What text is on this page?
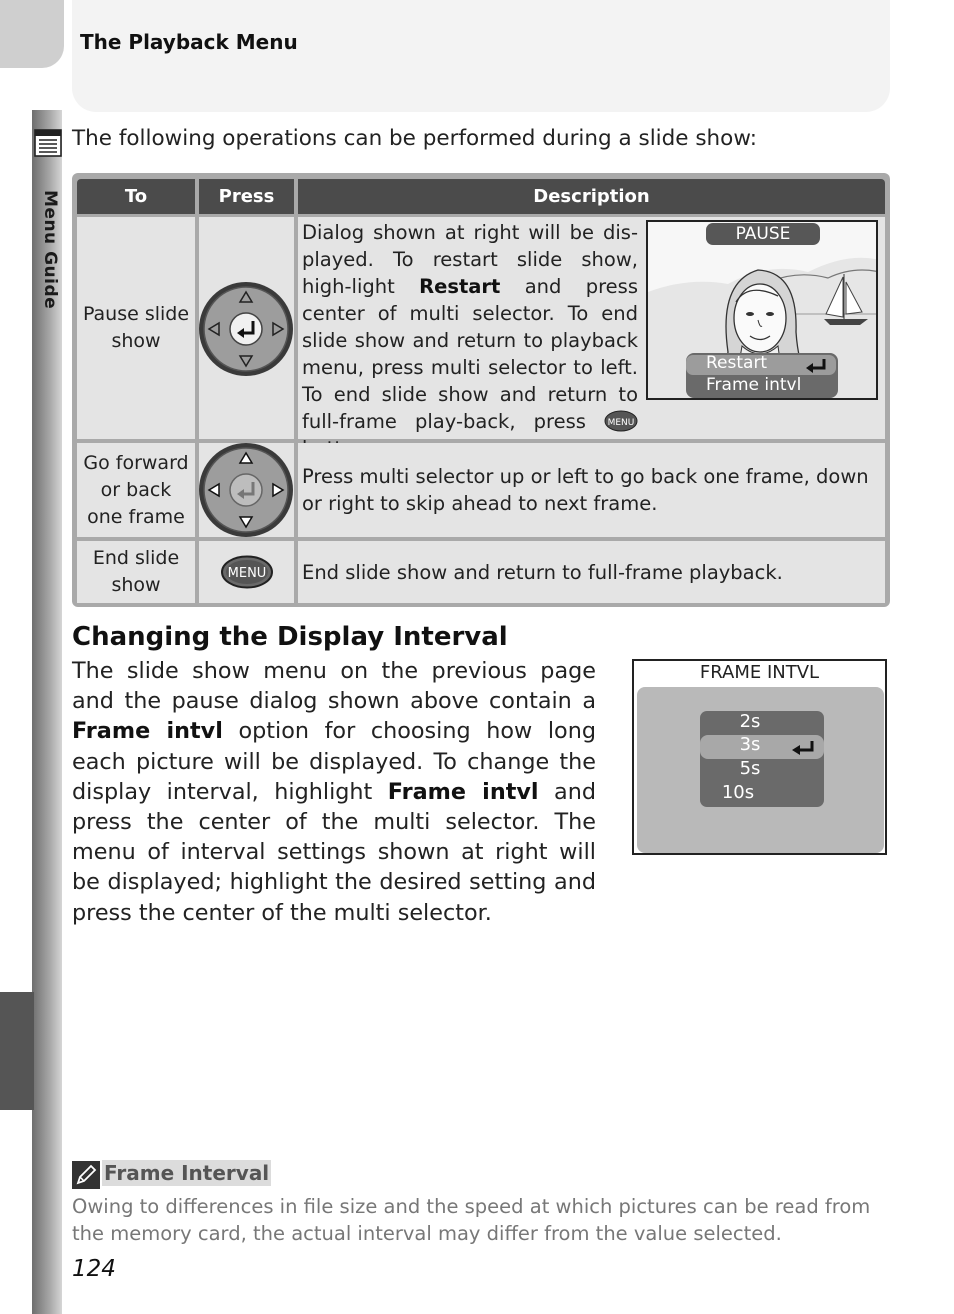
Menu Guide
The Playback Menu
The following operations can be performed during a slide show:
To	Press	Description
Pause slide show
Dialog shown at right will be dis-played. To restart slide show, high-light Restart and press center of multi selector. To end slide show and return to playback menu, press multi selector to left. To end slide show and return to full-frame play-back, press MENU
Go forward or back one frame
Press multi selector up or left to go back one frame, down or right to skip ahead to next frame.
End slide show
MENU End slide show and return to full-frame playback.
PAUSE
Restart
Frame intvl
Changing the Display Interval
The slide show menu on the previous page and the pause dialog shown above contain a Frame intvl option for choosing how long each picture will be displayed. To change the display interval, highlight Frame intvl and press the center of the multi selector. The menu of interval settings shown at right will be displayed; highlight the desired setting and press the center of the multi selector.
FRAME INTVL
2s
3s
5s
10s
Frame Interval
Owing to differences in file size and the speed at which pictures can be read from the memory card, the actual interval may differ from the value selected.
124
